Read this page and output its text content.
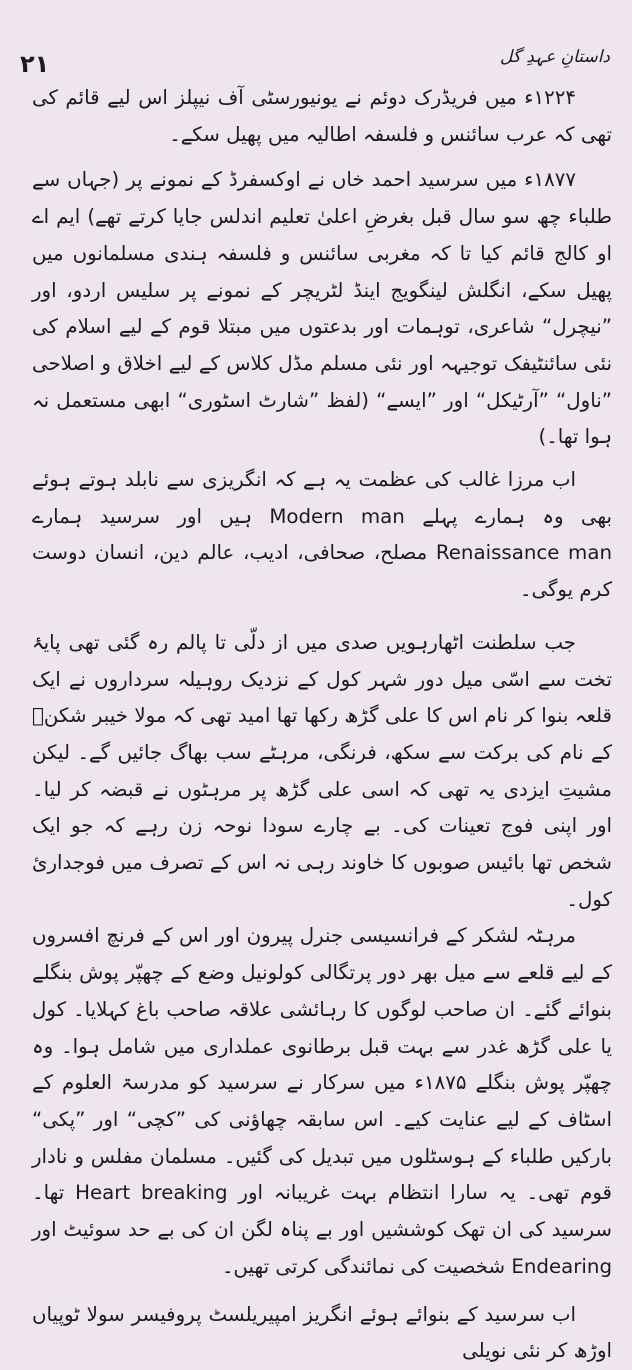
داستانِ عہدِ گل
۲۱

۱۲۲۴ء میں فریڈرک دوئم نے یونیورسٹی آف نیپلز اس لیے قائم کی تھی کہ عرب سائنس و فلسفہ اطالیہ میں پھیل سکے۔

۱۸۷۷ء میں سرسید احمد خاں نے اوکسفرڈ کے نمونے پر (جہاں سے طلباء چھ سو سال قبل بغرضِ اعلیٰ تعلیم اندلس جایا کرتے تھے) ایم اے او کالج قائم کیا تا کہ مغربی سائنس و فلسفہ ہندی مسلمانوں میں پھیل سکے، انگلش لینگویج اینڈ لٹریچر کے نمونے پر سلیس اردو، اور ”نیچرل“ شاعری، توہمات اور بدعتوں میں مبتلا قوم کے لیے اسلام کی نئی سائنٹیفک توجیہہ اور نئی مسلم مڈل کلاس کے لیے اخلاق و اصلاحی ”ناول“ ”آرٹیکل“ اور ”ایسے“ (لفظ ”شارٹ اسٹوری“ ابھی مستعمل نہ ہوا تھا۔)

اب مرزا غالب کی عظمت یہ ہے کہ انگریزی سے نابلد ہوتے ہوئے بھی وہ ہمارے پہلے Modern man ہیں اور سرسید ہمارے Renaissance man مصلح، صحافی، ادیب، عالم دین، انسان دوست کرم یوگی۔

جب سلطنت اٹھارہویں صدی میں از دلّی تا پالم رہ گئی تھی پایۂ تخت سے اسّی میل دور شہر کول کے نزدیک روہیلہ سرداروں نے ایک قلعہ بنوا کر نام اس کا علی گڑھ رکھا تھا امید تھی کہ مولا خیبر شکنؑ کے نام کی برکت سے سکھ، فرنگی، مرہٹے سب بھاگ جائیں گے۔ لیکن مشیتِ ایزدی یہ تھی کہ اسی علی گڑھ پر مرہٹوں نے قبضہ کر لیا۔ اور اپنی فوج تعینات کی۔ بے چارے سودا نوحہ زن رہے کہ جو ایک شخص تھا بائیس صوبوں کا خاوند رہی نہ اس کے تصرف میں فوجداریٔ کول۔

مرہٹہ لشکر کے فرانسیسی جنرل پیرون اور اس کے فرنچ افسروں کے لیے قلعے سے میل بھر دور پرتگالی کولونیل وضع کے چھپّر پوش بنگلے بنوائے گئے۔ ان صاحب لوگوں کا رہائشی علاقہ صاحب باغ کہلایا۔ کول یا علی گڑھ غدر سے بہت قبل برطانوی عملداری میں شامل ہوا۔ وہ چھپّر پوش بنگلے ۱۸۷۵ء میں سرکار نے سرسید کو مدرسۃ العلوم کے اسٹاف کے لیے عنایت کیے۔ اس سابقہ چھاؤنی کی ”کچی“ اور ”پکی“ بارکیں طلباء کے ہوسٹلوں میں تبدیل کی گئیں۔ مسلمان مفلس و نادار قوم تھی۔ یہ سارا انتظام بہت غریبانہ اور Heart breaking تھا۔ سرسید کی ان تھک کوششیں اور بے پناہ لگن ان کی بے حد سوئیٹ اور Endearing شخصیت کی نمائندگی کرتی تھیں۔

اب سرسید کے بنوائے ہوئے انگریز امپیریلسٹ پروفیسر سولا ٹوپیاں اوڑھ کر نئی نویلی
